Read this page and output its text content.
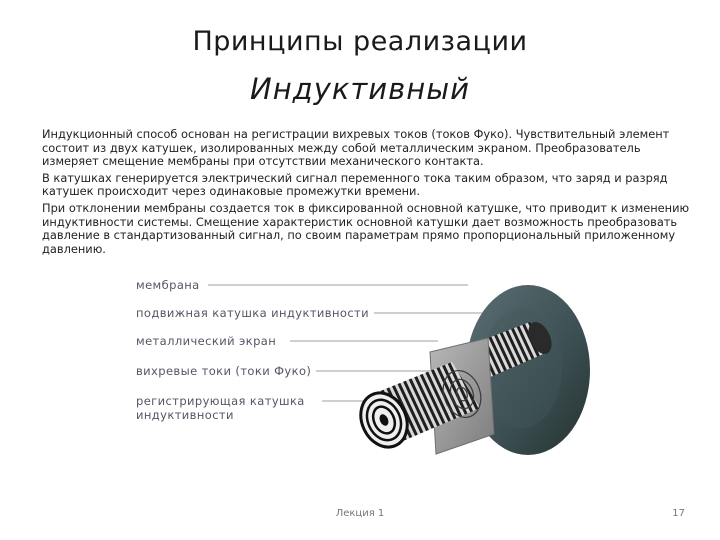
Принципы реализации
Индуктивный

Индукционный способ основан на регистрации вихревых токов (токов Фуко). Чувствительный элемент состоит из двух катушек, изолированных между собой металлическим экраном. Преобразователь измеряет смещение мембраны при отсутствии механического контакта.

В катушках генерируется электрический сигнал переменного тока таким образом, что заряд и разряд катушек происходит через одинаковые промежутки времени.

При отклонении мембраны создается ток в фиксированной основной катушке, что приводит к изменению индуктивности системы. Смещение характеристик основной катушки дает возможность преобразовать давление в стандартизованный сигнал, по своим параметрам прямо пропорциональный приложенному давлению.

мембрана
подвижная катушка индуктивности
металлический экран
вихревые токи (токи Фуко)
регистрирующая катушка
индуктивности
Лекция 1	17
